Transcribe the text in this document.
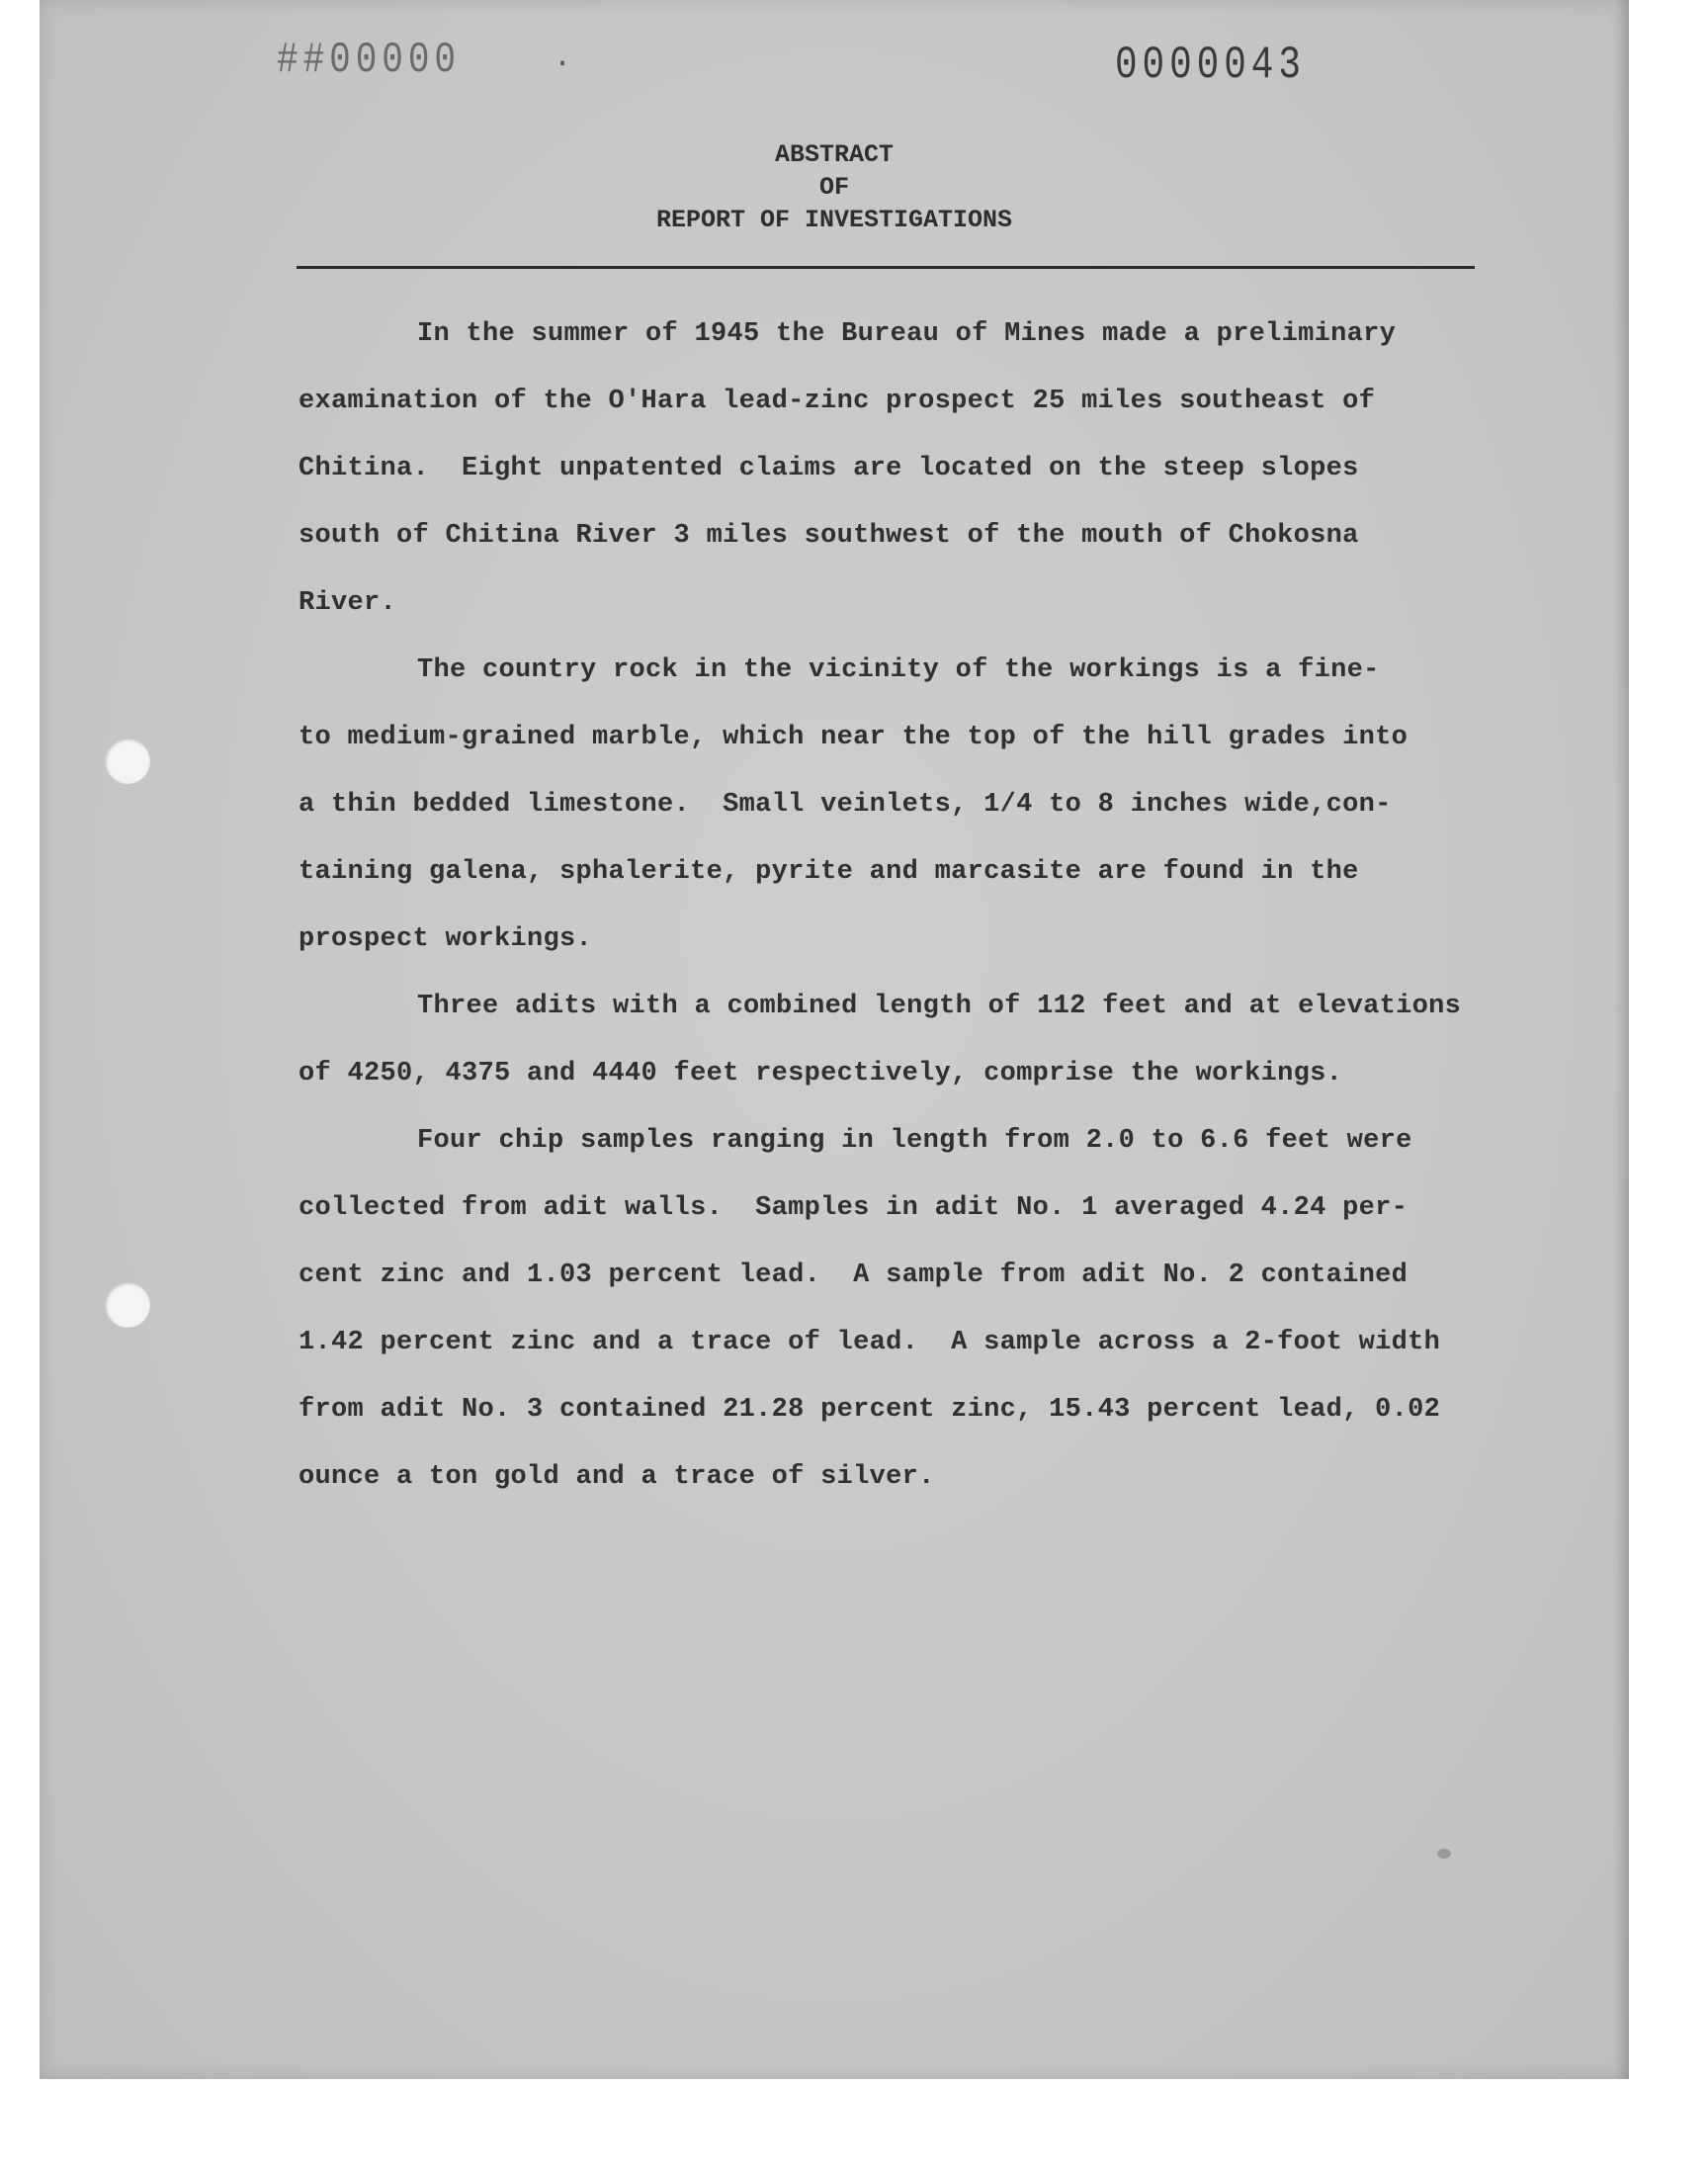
##00000	·	0000043
ABSTRACT
OF
REPORT OF INVESTIGATIONS
In the summer of 1945 the Bureau of Mines made a preliminary
examination of the O'Hara lead-zinc prospect 25 miles southeast of
Chitina.  Eight unpatented claims are located on the steep slopes
south of Chitina River 3 miles southwest of the mouth of Chokosna
River.
The country rock in the vicinity of the workings is a fine-
to medium-grained marble, which near the top of the hill grades into
a thin bedded limestone.  Small veinlets, 1/4 to 8 inches wide,con-
taining galena, sphalerite, pyrite and marcasite are found in the
prospect workings.
Three adits with a combined length of 112 feet and at elevations
of 4250, 4375 and 4440 feet respectively, comprise the workings.
Four chip samples ranging in length from 2.0 to 6.6 feet were
collected from adit walls.  Samples in adit No. 1 averaged 4.24 per-
cent zinc and 1.03 percent lead.  A sample from adit No. 2 contained
1.42 percent zinc and a trace of lead.  A sample across a 2-foot width
from adit No. 3 contained 21.28 percent zinc, 15.43 percent lead, 0.02
ounce a ton gold and a trace of silver.
